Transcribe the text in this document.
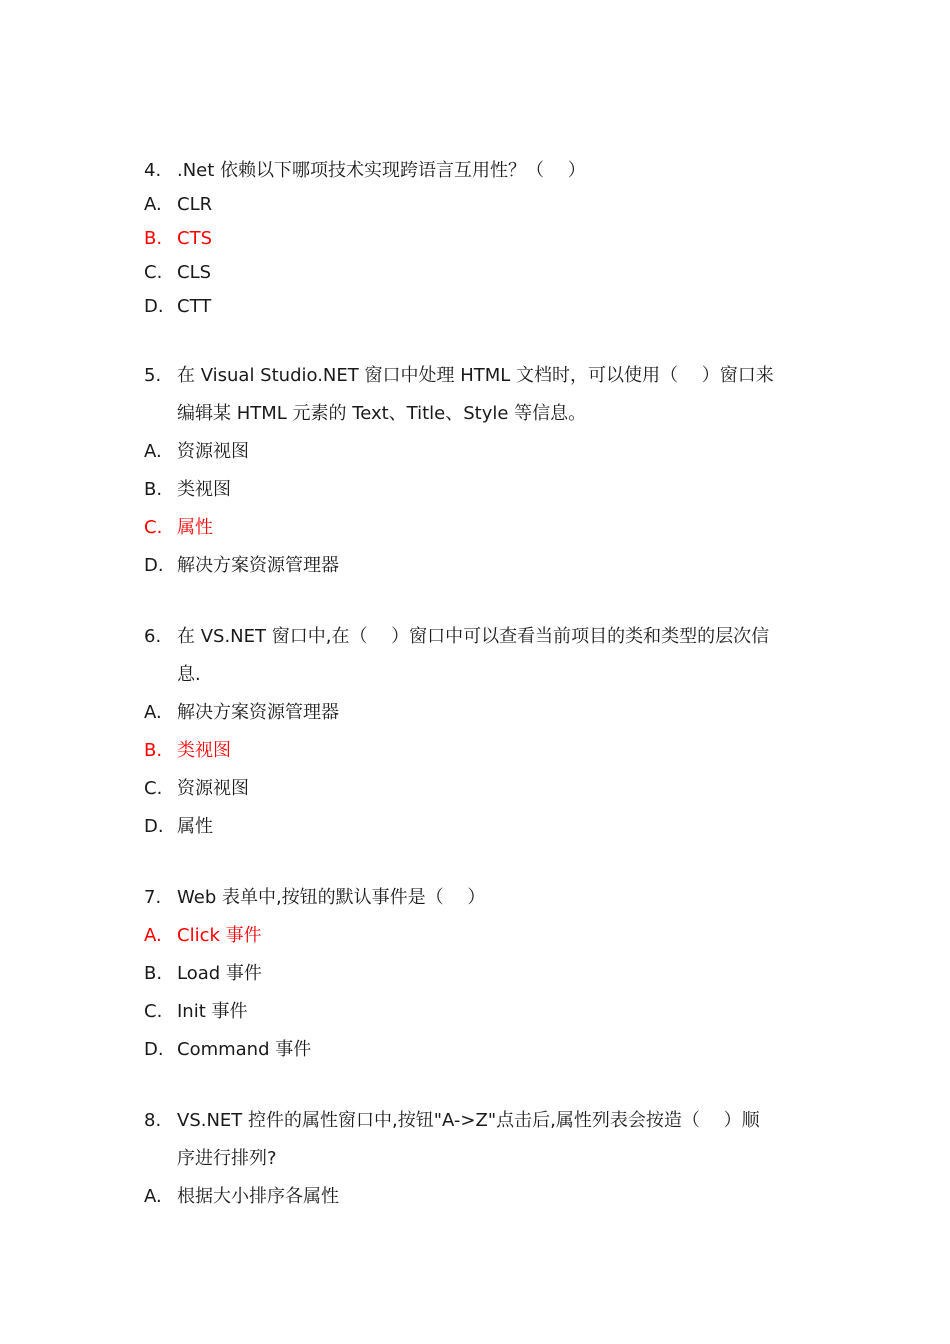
4. .Net 依赖以下哪项技术实现跨语言互用性？（　 ）
A. CLR
B. CTS
C. CLS
D. CTT
5. 在 Visual Studio.NET 窗口中处理 HTML 文档时，可以使用（　 ）窗口来
编辑某 HTML 元素的 Text、Title、Style 等信息。
A. 资源视图
B. 类视图
C. 属性
D. 解决方案资源管理器
6. 在 VS.NET 窗口中,在（　 ）窗口中可以查看当前项目的类和类型的层次信
息.
A. 解决方案资源管理器
B. 类视图
C. 资源视图
D. 属性
7. Web 表单中,按钮的默认事件是（　 ）
A. Click 事件
B. Load 事件
C. Init 事件
D. Command 事件
8. VS.NET 控件的属性窗口中,按钮"A->Z"点击后,属性列表会按造（　 ）顺
序进行排列?
A. 根据大小排序各属性
